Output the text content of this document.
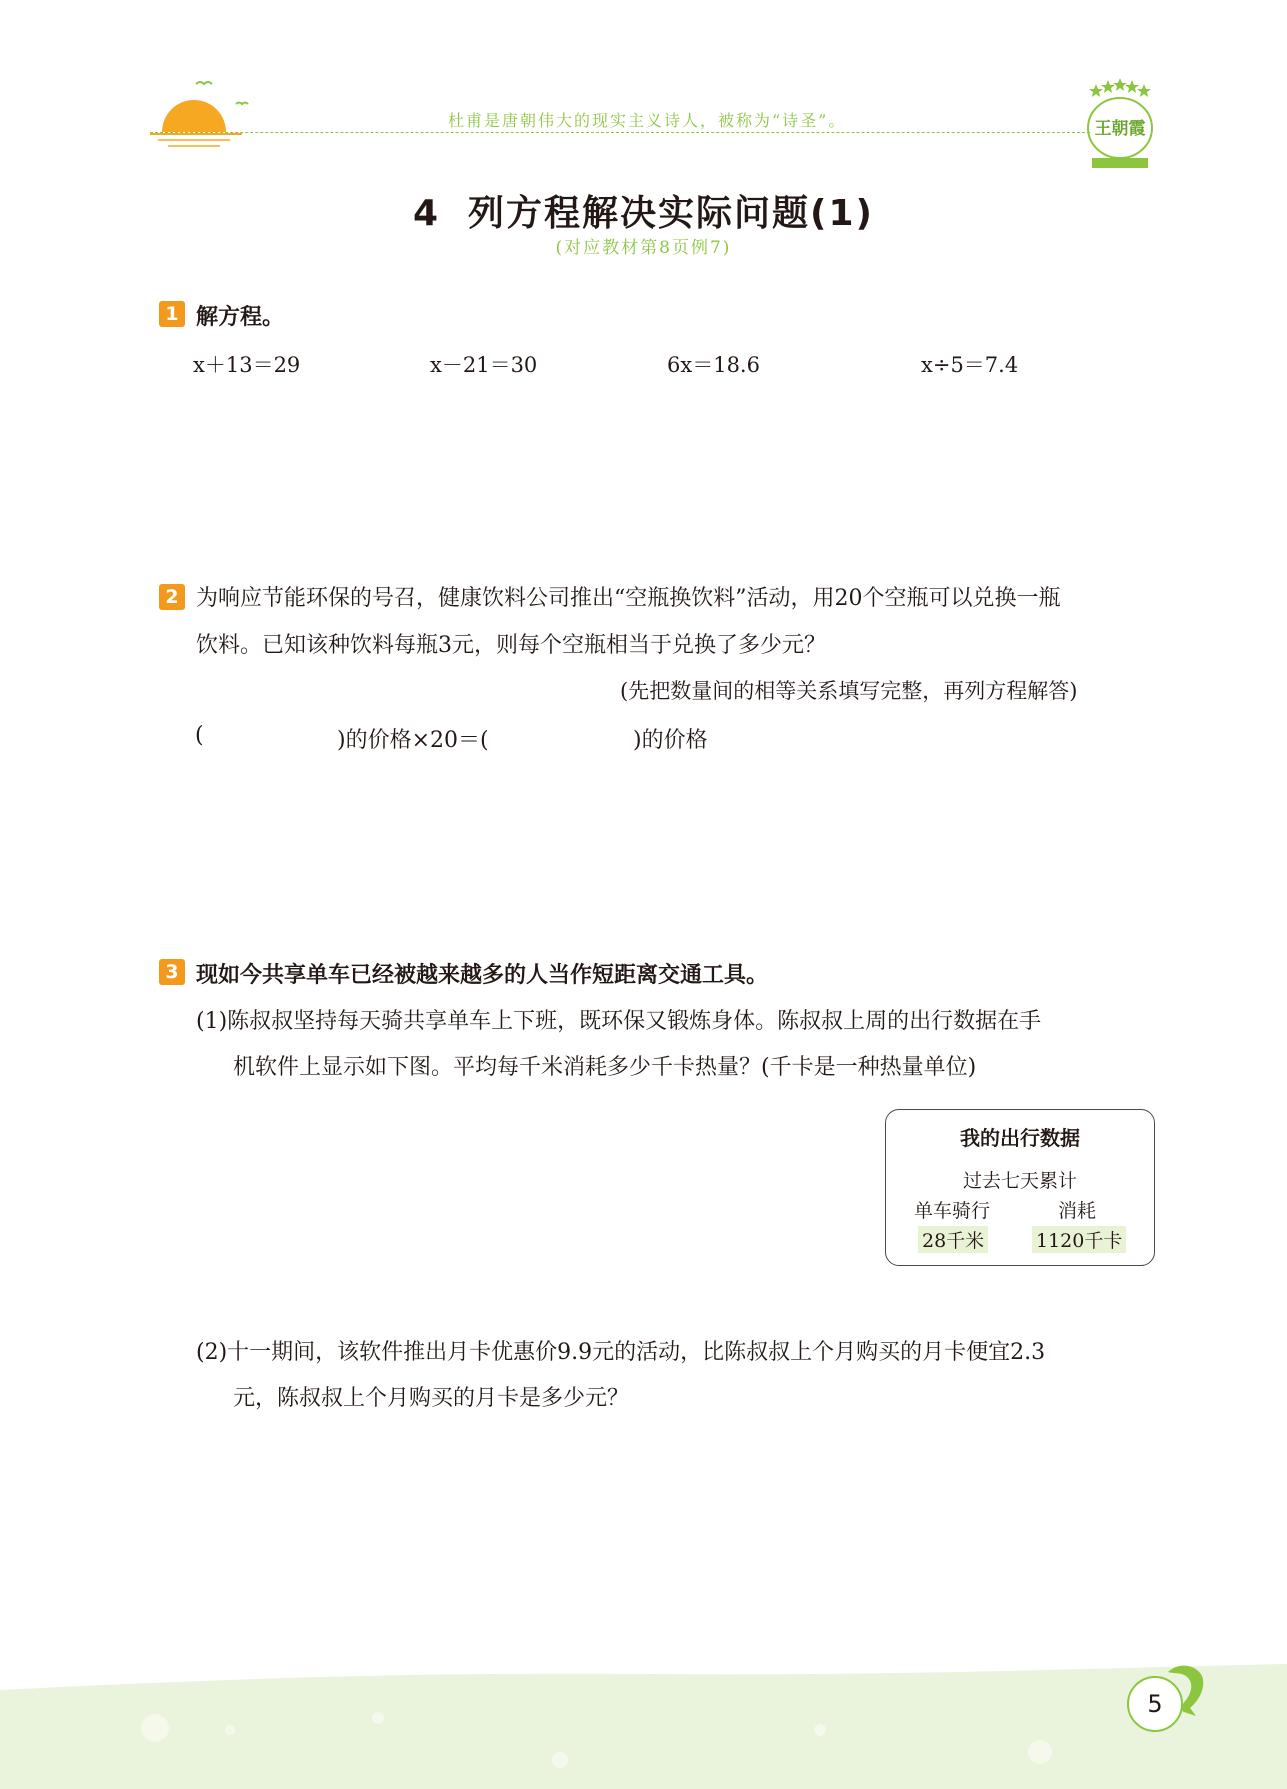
杜甫是唐朝伟大的现实主义诗人，被称为“诗圣”。	王朝霞
4 列方程解决实际问题(1)
(对应教材第8页例7)
1 解方程。
x＋13＝29	x－21＝30	6x＝18.6	x÷5＝7.4
2 为响应节能环保的号召，健康饮料公司推出“空瓶换饮料”活动，用20个空瓶可以兑换一瓶
饮料。已知该种饮料每瓶3元，则每个空瓶相当于兑换了多少元？
(先把数量间的相等关系填写完整，再列方程解答)
(	)的价格×20＝(	)的价格
3 现如今共享单车已经被越来越多的人当作短距离交通工具。
(1)陈叔叔坚持每天骑共享单车上下班，既环保又锻炼身体。陈叔叔上周的出行数据在手
机软件上显示如下图。平均每千米消耗多少千卡热量？(千卡是一种热量单位)
我的出行数据
过去七天累计
单车骑行	消耗
28千米	1120千卡
(2)十一期间，该软件推出月卡优惠价9.9元的活动，比陈叔叔上个月购买的月卡便宜2.3
元，陈叔叔上个月购买的月卡是多少元？
5
